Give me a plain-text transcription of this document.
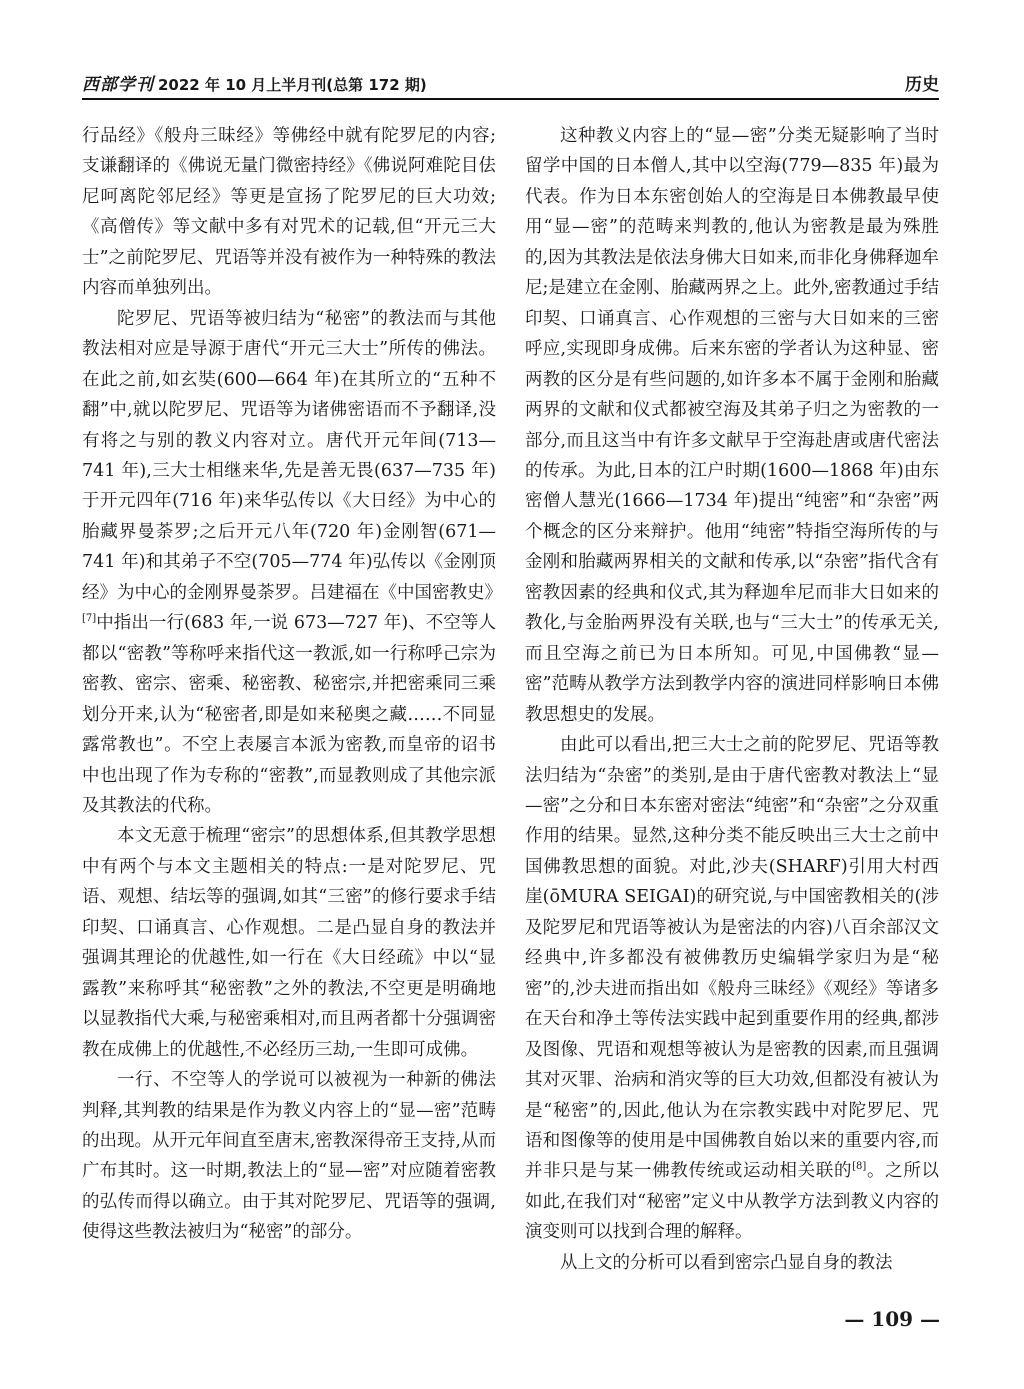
西部学刊 2022 年 10 月上半月刊(总第 172 期)	历史

行品经》《般舟三昧经》等佛经中就有陀罗尼的内容;支谦翻译的《佛说无量门微密持经》《佛说阿难陀目佉尼呵离陀邻尼经》等更是宣扬了陀罗尼的巨大功效;《高僧传》等文献中多有对咒术的记载,但“开元三大士”之前陀罗尼、咒语等并没有被作为一种特殊的教法内容而单独列出。

陀罗尼、咒语等被归结为“秘密”的教法而与其他教法相对应是导源于唐代“开元三大士”所传的佛法。在此之前,如玄奘(600—664 年)在其所立的“五种不翻”中,就以陀罗尼、咒语等为诸佛密语而不予翻译,没有将之与别的教义内容对立。唐代开元年间(713—741 年),三大士相继来华,先是善无畏(637—735 年)于开元四年(716 年)来华弘传以《大日经》为中心的胎藏界曼荼罗;之后开元八年(720 年)金刚智(671—741 年)和其弟子不空(705—774 年)弘传以《金刚顶经》为中心的金刚界曼荼罗。吕建福在《中国密教史》[7]中指出一行(683 年,一说 673—727 年)、不空等人都以“密教”等称呼来指代这一教派,如一行称呼己宗为密教、密宗、密乘、秘密教、秘密宗,并把密乘同三乘划分开来,认为“秘密者,即是如来秘奥之藏……不同显露常教也”。不空上表屡言本派为密教,而皇帝的诏书中也出现了作为专称的“密教”,而显教则成了其他宗派及其教法的代称。

本文无意于梳理“密宗”的思想体系,但其教学思想中有两个与本文主题相关的特点:一是对陀罗尼、咒语、观想、结坛等的强调,如其“三密”的修行要求手结印契、口诵真言、心作观想。二是凸显自身的教法并强调其理论的优越性,如一行在《大日经疏》中以“显露教”来称呼其“秘密教”之外的教法,不空更是明确地以显教指代大乘,与秘密乘相对,而且两者都十分强调密教在成佛上的优越性,不必经历三劫,一生即可成佛。

一行、不空等人的学说可以被视为一种新的佛法判释,其判教的结果是作为教义内容上的“显—密”范畴的出现。从开元年间直至唐末,密教深得帝王支持,从而广布其时。这一时期,教法上的“显—密”对应随着密教的弘传而得以确立。由于其对陀罗尼、咒语等的强调,使得这些教法被归为“秘密”的部分。

这种教义内容上的“显—密”分类无疑影响了当时留学中国的日本僧人,其中以空海(779—835 年)最为代表。作为日本东密创始人的空海是日本佛教最早使用“显—密”的范畴来判教的,他认为密教是最为殊胜的,因为其教法是依法身佛大日如来,而非化身佛释迦牟尼;是建立在金刚、胎藏两界之上。此外,密教通过手结印契、口诵真言、心作观想的三密与大日如来的三密呼应,实现即身成佛。后来东密的学者认为这种显、密两教的区分是有些问题的,如许多本不属于金刚和胎藏两界的文献和仪式都被空海及其弟子归之为密教的一部分,而且这当中有许多文献早于空海赴唐或唐代密法的传承。为此,日本的江户时期(1600—1868 年)由东密僧人慧光(1666—1734 年)提出“纯密”和“杂密”两个概念的区分来辩护。他用“纯密”特指空海所传的与金刚和胎藏两界相关的文献和传承,以“杂密”指代含有密教因素的经典和仪式,其为释迦牟尼而非大日如来的教化,与金胎两界没有关联,也与“三大士”的传承无关,而且空海之前已为日本所知。可见,中国佛教“显—密”范畴从教学方法到教学内容的演进同样影响日本佛教思想史的发展。

由此可以看出,把三大士之前的陀罗尼、咒语等教法归结为“杂密”的类别,是由于唐代密教对教法上“显—密”之分和日本东密对密法“纯密”和“杂密”之分双重作用的结果。显然,这种分类不能反映出三大士之前中国佛教思想的面貌。对此,沙夫(SHARF)引用大村西崖(ōMURA SEIGAI)的研究说,与中国密教相关的(涉及陀罗尼和咒语等被认为是密法的内容)八百余部汉文经典中,许多都没有被佛教历史编辑学家归为是“秘密”的,沙夫进而指出如《般舟三昧经》《观经》等诸多在天台和净土等传法实践中起到重要作用的经典,都涉及图像、咒语和观想等被认为是密教的因素,而且强调其对灭罪、治病和消灾等的巨大功效,但都没有被认为是“秘密”的,因此,他认为在宗教实践中对陀罗尼、咒语和图像等的使用是中国佛教自始以来的重要内容,而并非只是与某一佛教传统或运动相关联的[8]。之所以如此,在我们对“秘密”定义中从教学方法到教义内容的演变则可以找到合理的解释。

从上文的分析可以看到密宗凸显自身的教法

— 109 —
